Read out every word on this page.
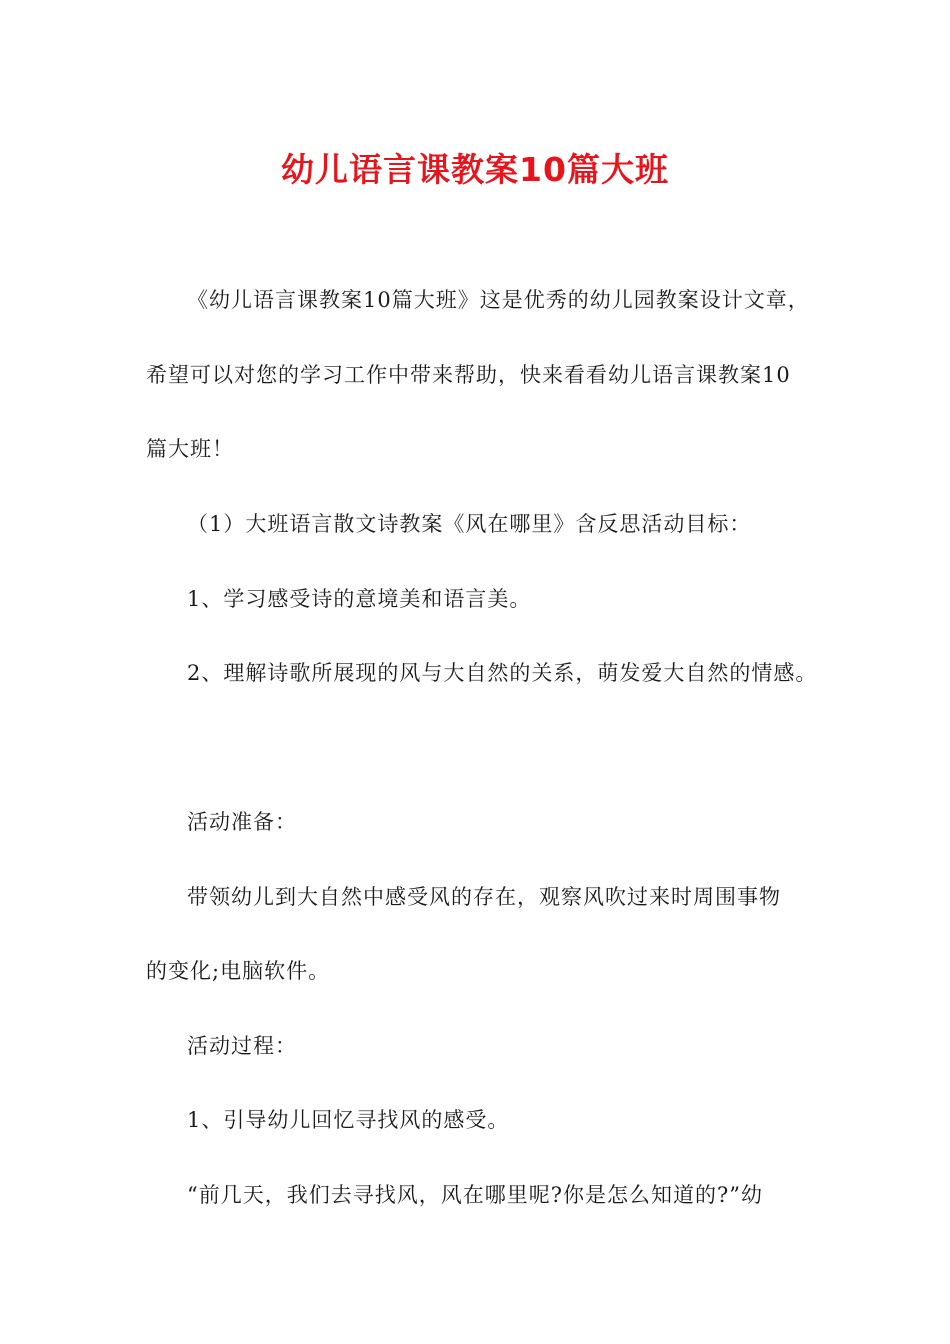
幼儿语言课教案10篇大班
《幼儿语言课教案10篇大班》这是优秀的幼儿园教案设计文章，
希望可以对您的学习工作中带来帮助，快来看看幼儿语言课教案10
篇大班！
（1）大班语言散文诗教案《风在哪里》含反思活动目标：
1、学习感受诗的意境美和语言美。
2、理解诗歌所展现的风与大自然的关系，萌发爱大自然的情感。
活动准备：
带领幼儿到大自然中感受风的存在，观察风吹过来时周围事物
的变化;电脑软件。
活动过程：
1、引导幼儿回忆寻找风的感受。
“前几天，我们去寻找风，风在哪里呢?你是怎么知道的?”幼
